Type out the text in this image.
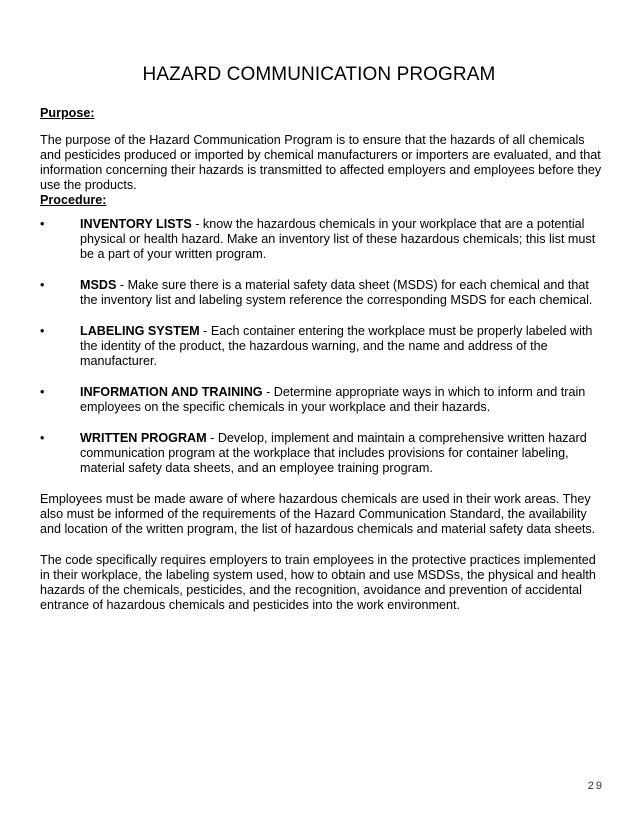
HAZARD COMMUNICATION PROGRAM

Purpose:

The purpose of the Hazard Communication Program is to ensure that the hazards of all chemicals and pesticides produced or imported by chemical manufacturers or importers are evaluated, and that information concerning their hazards is transmitted to affected employers and employees before they use the products.

Procedure:

•	INVENTORY LISTS - know the hazardous chemicals in your workplace that are a potential physical or health hazard. Make an inventory list of these hazardous chemicals; this list must be a part of your written program.

•	MSDS - Make sure there is a material safety data sheet (MSDS) for each chemical and that the inventory list and labeling system reference the corresponding MSDS for each chemical.

•	LABELING SYSTEM - Each container entering the workplace must be properly labeled with the identity of the product, the hazardous warning, and the name and address of the manufacturer.

•	INFORMATION AND TRAINING - Determine appropriate ways in which to inform and train employees on the specific chemicals in your workplace and their hazards.

•	WRITTEN PROGRAM - Develop, implement and maintain a comprehensive written hazard communication program at the workplace that includes provisions for container labeling, material safety data sheets, and an employee training program.

Employees must be made aware of where hazardous chemicals are used in their work areas. They also must be informed of the requirements of the Hazard Communication Standard, the availability and location of the written program, the list of hazardous chemicals and material safety data sheets.

The code specifically requires employers to train employees in the protective practices implemented in their workplace, the labeling system used, how to obtain and use MSDSs, the physical and health hazards of the chemicals, pesticides, and the recognition, avoidance and prevention of accidental entrance of hazardous chemicals and pesticides into the work environment.

29
